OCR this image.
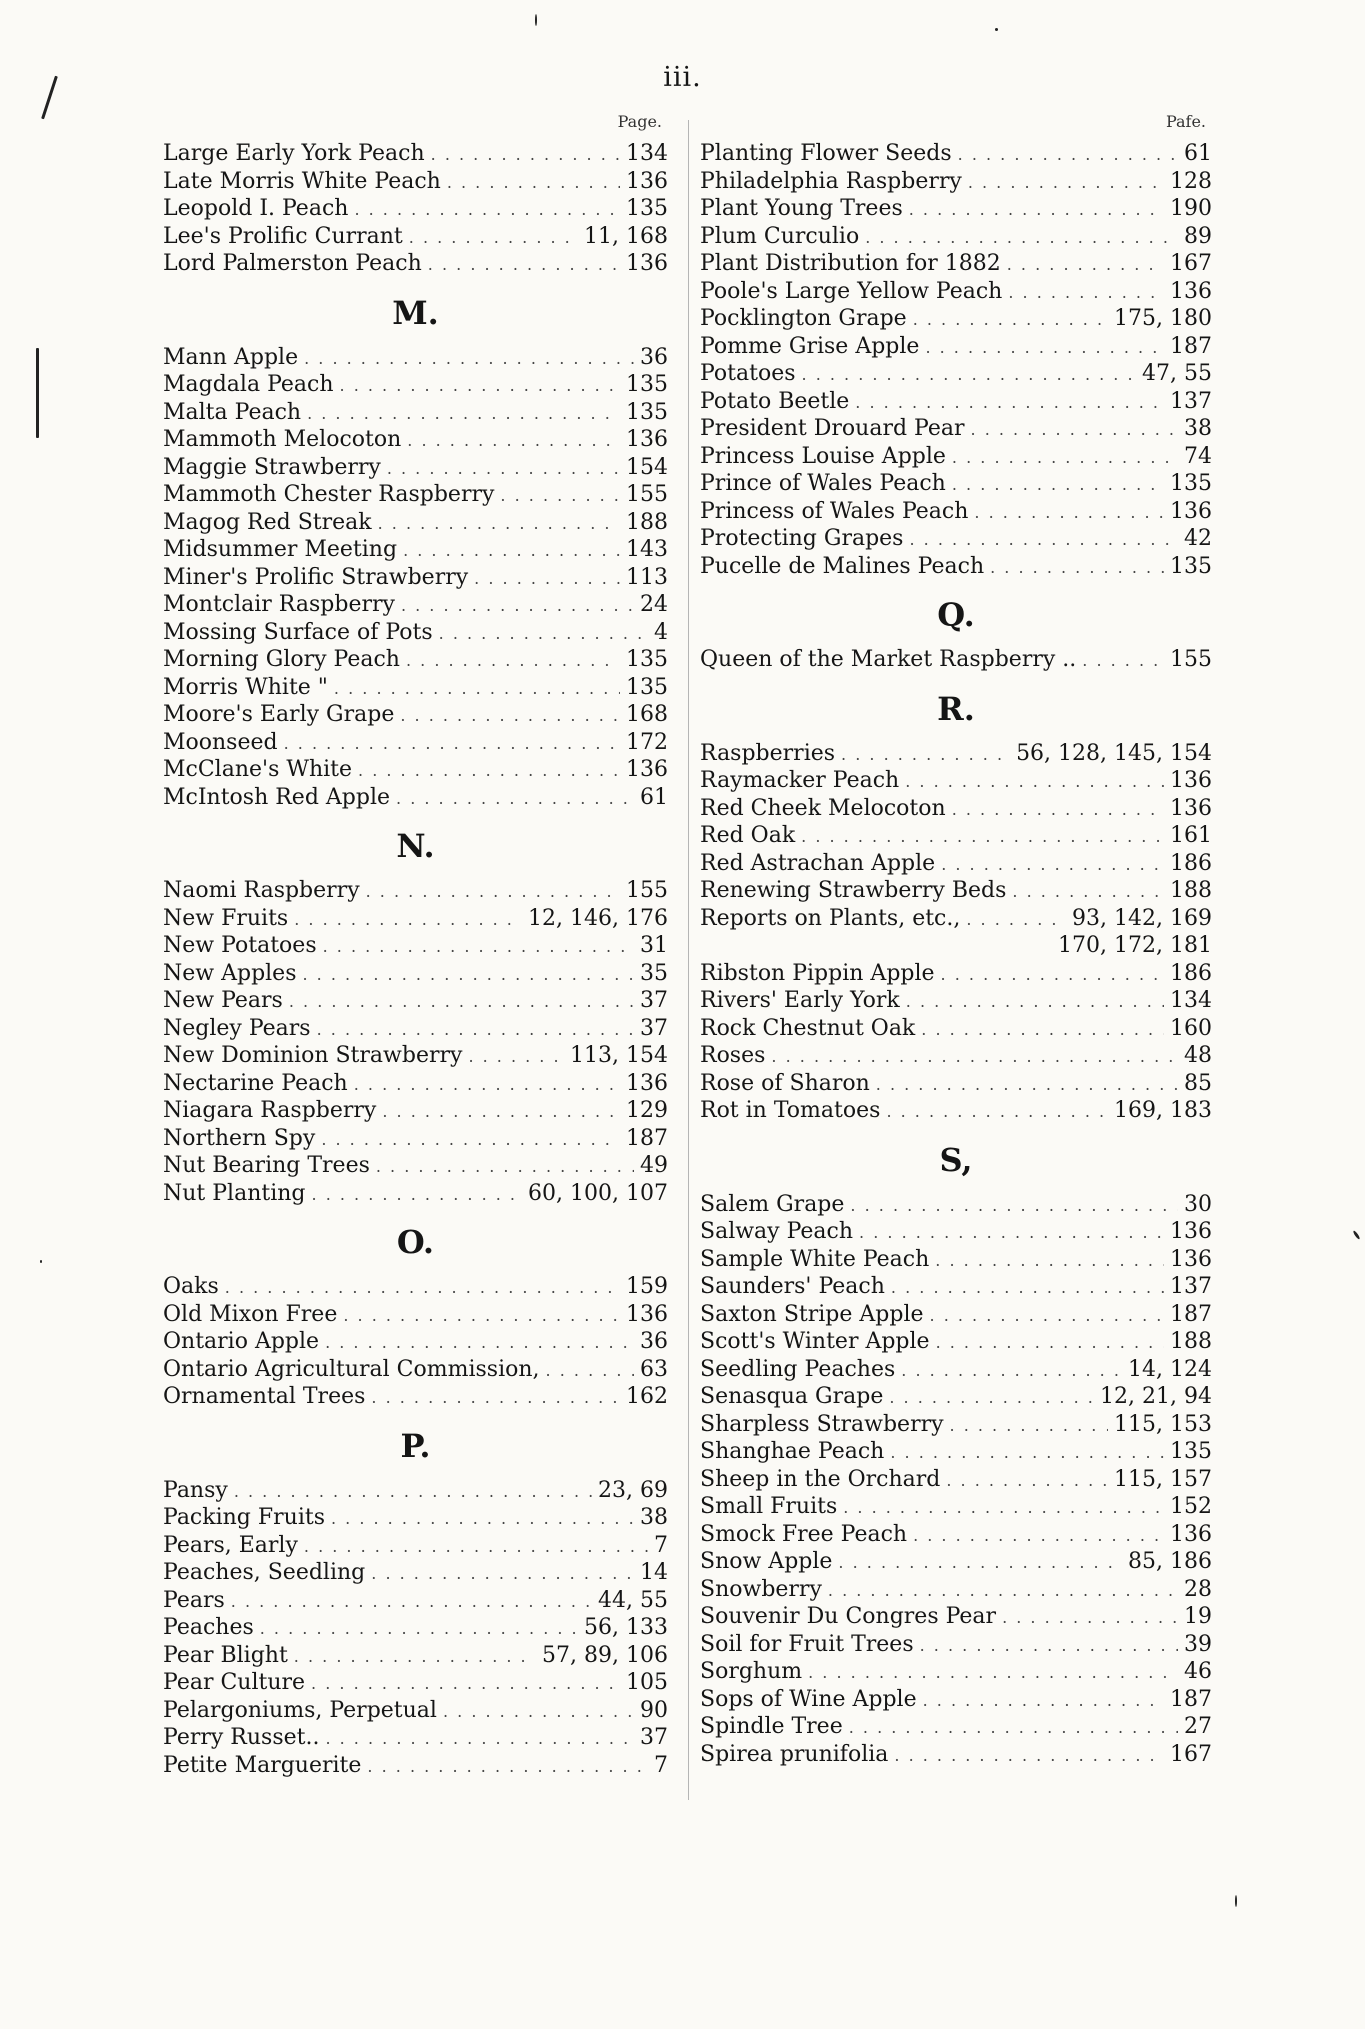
iii.
Page.
Large Early York Peach . . .	134
Late Morris White Peach . . .	136
Leopold I. Peach . . .	135
Lee's Prolific Currant . . .	11, 168
Lord Palmerston Peach . . .	136
M.
Mann Apple . . .	36
Magdala Peach . . .	135
Malta Peach . . .	135
Mammoth Melocoton . . .	136
Maggie Strawberry . . .	154
Mammoth Chester Raspberry . . .	155
Magog Red Streak . . .	188
Midsummer Meeting . . .	143
Miner's Prolific Strawberry . . .	113
Montclair Raspberry . . .	24
Mossing Surface of Pots . . .	4
Morning Glory Peach . . .	135
Morris White " . . .	135
Moore's Early Grape . . .	168
Moonseed . . .	172
McClane's White . . .	136
McIntosh Red Apple . . .	61
N.
Naomi Raspberry . . .	155
New Fruits . . .	12, 146, 176
New Potatoes . . .	31
New Apples . . .	35
New Pears . . .	37
Negley Pears . . .	37
New Dominion Strawberry . . .	113, 154
Nectarine Peach . . .	136
Niagara Raspberry . . .	129
Northern Spy . . .	187
Nut Bearing Trees . . .	49
Nut Planting . . .	60, 100, 107
O.
Oaks . . .	159
Old Mixon Free . . .	136
Ontario Apple . . .	36
Ontario Agricultural Commission, . . .	63
Ornamental Trees . . .	162
P.
Pansy . . .	23, 69
Packing Fruits . . .	38
Pears, Early . . .	7
Peaches, Seedling . . .	14
Pears . . .	44, 55
Peaches . . .	56, 133
Pear Blight . . .	57, 89, 106
Pear Culture . . .	105
Pelargoniums, Perpetual . . .	90
Perry Russet.. . . .	37
Petite Marguerite . . .	7
Pafe.
Planting Flower Seeds . . .	61
Philadelphia Raspberry . . .	128
Plant Young Trees . . .	190
Plum Curculio . . .	89
Plant Distribution for 1882 . . .	167
Poole's Large Yellow Peach . . .	136
Pocklington Grape . . .	175, 180
Pomme Grise Apple . . .	187
Potatoes . . .	47, 55
Potato Beetle . . .	137
President Drouard Pear . . .	38
Princess Louise Apple . . .	74
Prince of Wales Peach . . .	135
Princess of Wales Peach . . .	136
Protecting Grapes . . .	42
Pucelle de Malines Peach . . .	135
Q.
Queen of the Market Raspberry .. . . .	155
R.
Raspberries . . .	56, 128, 145, 154
Raymacker Peach . . .	136
Red Cheek Melocoton . . .	136
Red Oak . . .	161
Red Astrachan Apple . . .	186
Renewing Strawberry Beds . . .	188
Reports on Plants, etc., . . .	93, 142, 169
170, 172, 181
Ribston Pippin Apple . . .	186
Rivers' Early York . . .	134
Rock Chestnut Oak . . .	160
Roses . . .	48
Rose of Sharon . . .	85
Rot in Tomatoes . . .	169, 183
S,
Salem Grape . . .	30
Salway Peach . . .	136
Sample White Peach . . .	136
Saunders' Peach . . .	137
Saxton Stripe Apple . . .	187
Scott's Winter Apple . . .	188
Seedling Peaches . . .	14, 124
Senasqua Grape . . .	12, 21, 94
Sharpless Strawberry . . .	115, 153
Shanghae Peach . . .	135
Sheep in the Orchard . . .	115, 157
Small Fruits . . .	152
Smock Free Peach . . .	136
Snow Apple . . .	85, 186
Snowberry . . .	28
Souvenir Du Congres Pear . . .	19
Soil for Fruit Trees . . .	39
Sorghum . . .	46
Sops of Wine Apple . . .	187
Spindle Tree . . .	27
Spirea prunifolia . . .	167
